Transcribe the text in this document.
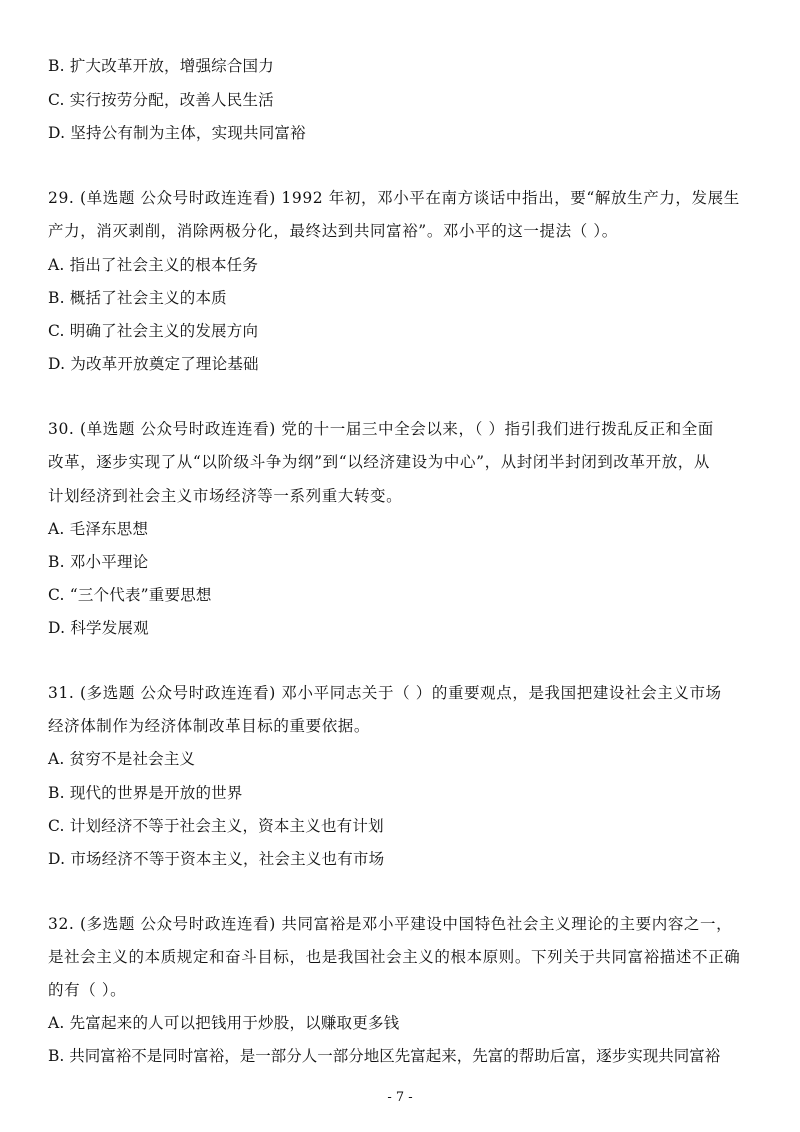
B. 扩大改革开放，增强综合国力
C. 实行按劳分配，改善人民生活
D. 坚持公有制为主体，实现共同富裕
29. (单选题 公众号时政连连看) 1992 年初，邓小平在南方谈话中指出，要“解放生产力，发展生
产力，消灭剥削，消除两极分化，最终达到共同富裕”。邓小平的这一提法（ ）。
A. 指出了社会主义的根本任务
B. 概括了社会主义的本质
C. 明确了社会主义的发展方向
D. 为改革开放奠定了理论基础
30. (单选题 公众号时政连连看) 党的十一届三中全会以来，（ ）指引我们进行拨乱反正和全面
改革，逐步实现了从“以阶级斗争为纲”到“以经济建设为中心”，从封闭半封闭到改革开放，从
计划经济到社会主义市场经济等一系列重大转变。
A. 毛泽东思想
B. 邓小平理论
C. “三个代表”重要思想
D. 科学发展观
31. (多选题 公众号时政连连看) 邓小平同志关于（ ）的重要观点，是我国把建设社会主义市场
经济体制作为经济体制改革目标的重要依据。
A. 贫穷不是社会主义
B. 现代的世界是开放的世界
C. 计划经济不等于社会主义，资本主义也有计划
D. 市场经济不等于资本主义，社会主义也有市场
32. (多选题 公众号时政连连看) 共同富裕是邓小平建设中国特色社会主义理论的主要内容之一，
是社会主义的本质规定和奋斗目标，也是我国社会主义的根本原则。下列关于共同富裕描述不正确
的有（ ）。
A. 先富起来的人可以把钱用于炒股，以赚取更多钱
B. 共同富裕不是同时富裕，是一部分人一部分地区先富起来，先富的帮助后富，逐步实现共同富裕
- 7 -
